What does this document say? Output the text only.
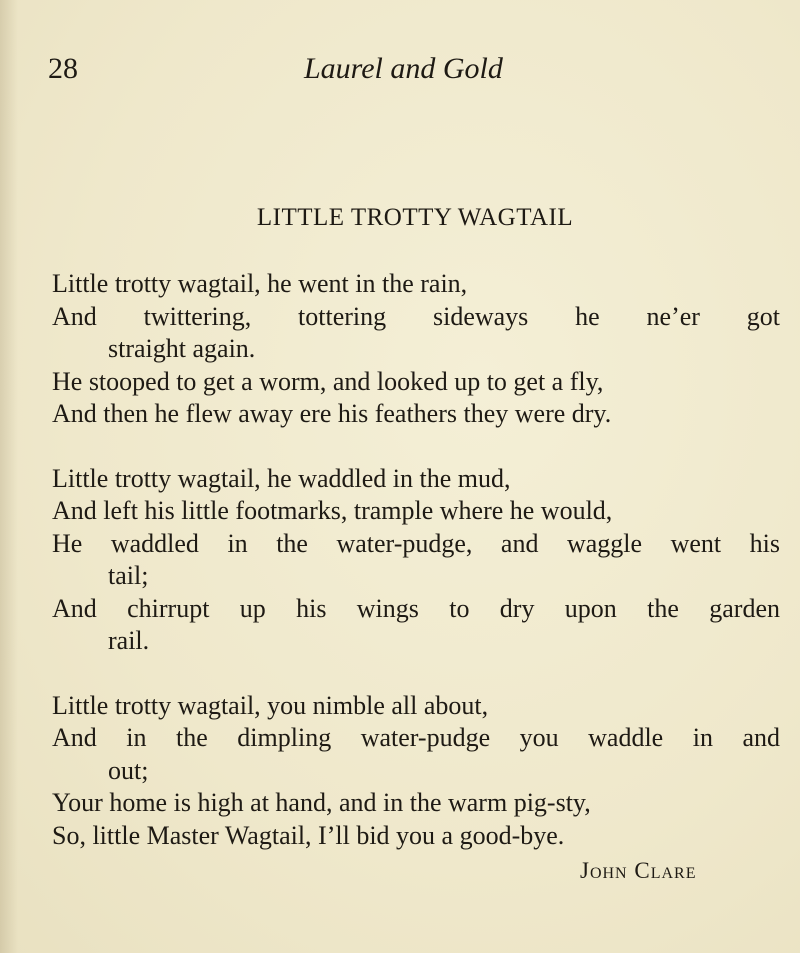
28	Laurel and Gold
LITTLE TROTTY WAGTAIL
Little trotty wagtail, he went in the rain,
And twittering, tottering sideways he ne’er got
straight again.
He stooped to get a worm, and looked up to get a fly,
And then he flew away ere his feathers they were dry.
Little trotty wagtail, he waddled in the mud,
And left his little footmarks, trample where he would,
He waddled in the water-pudge, and waggle went his
tail;
And chirrupt up his wings to dry upon the garden
rail.
Little trotty wagtail, you nimble all about,
And in the dimpling water-pudge you waddle in and
out;
Your home is high at hand, and in the warm pig-sty,
So, little Master Wagtail, I’ll bid you a good-bye.
John Clare
